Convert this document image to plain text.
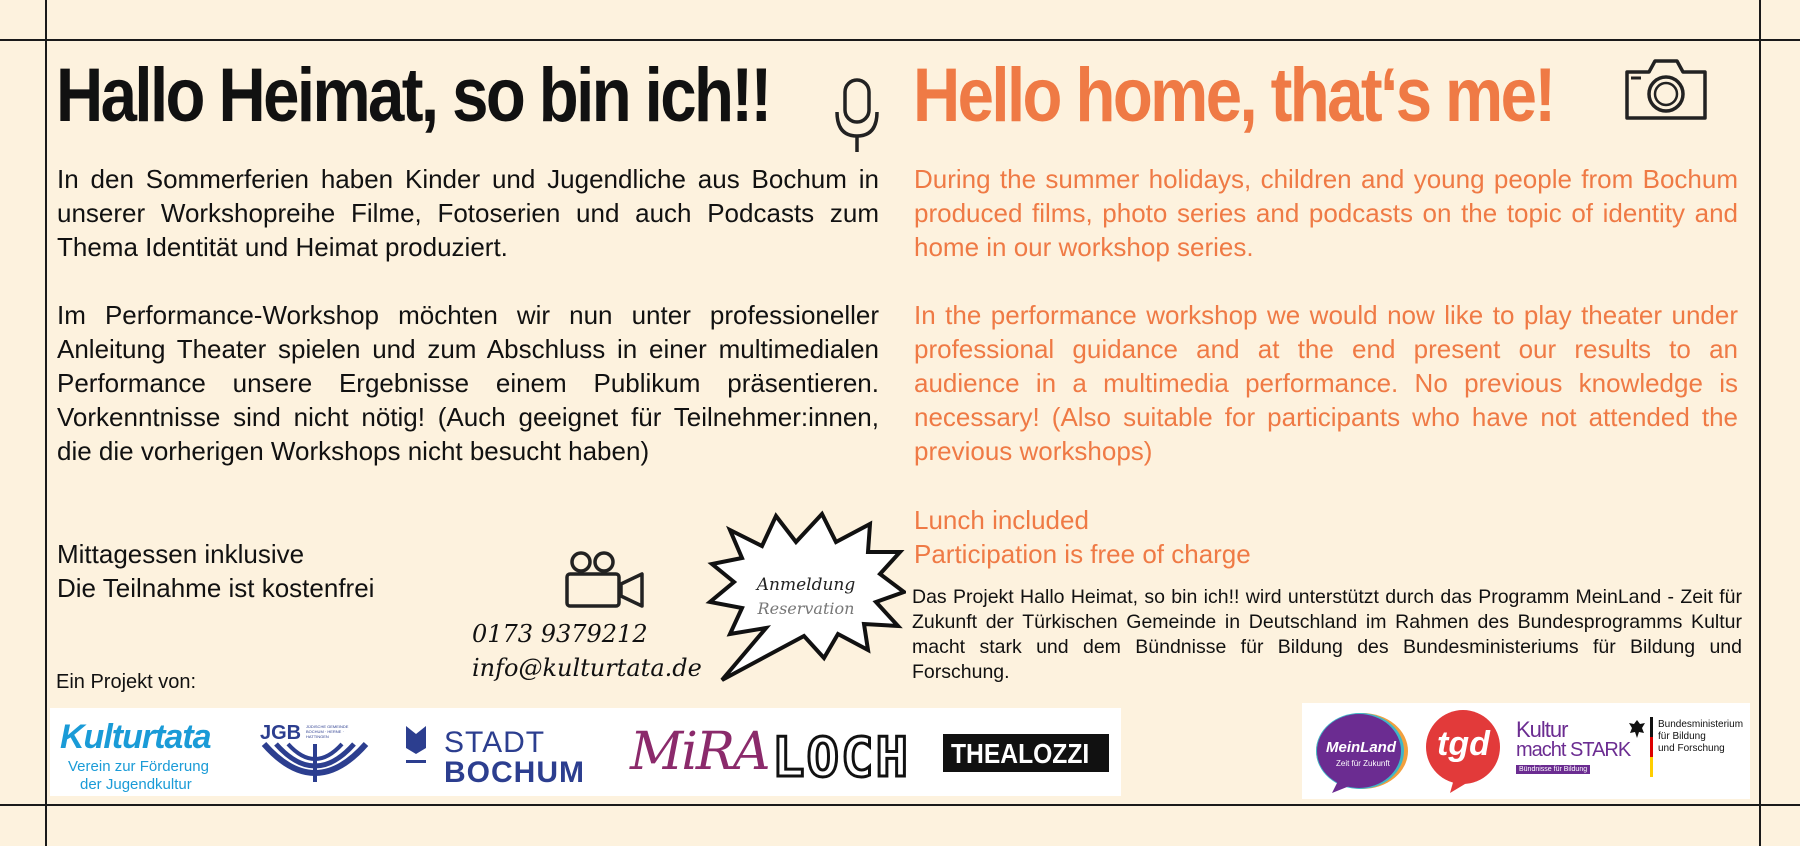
Hallo Heimat, so bin ich!! Hello home, that‘s me!

In den Sommerferien haben Kinder und Jugendliche aus Bochum in unserer Workshopreihe Filme, Fotoserien und auch Podcasts zum Thema Identität und Heimat produziert.

Im Performance-Workshop möchten wir nun unter professioneller Anleitung Theater spielen und zum Abschluss in einer multimedialen Performance unsere Ergebnisse einem Publikum präsentieren. Vorkenntnisse sind nicht nötig! (Auch geeignet für Teilnehmer:innen, die die vorherigen Workshops nicht besucht haben)

During the summer holidays, children and young people from Bochum produced films, photo series and podcasts on the topic of identity and home in our workshop series.

In the performance workshop we would now like to play theater under professional guidance and at the end present our results to an audience in a multimedia performance. No previous knowledge is necessary! (Also suitable for participants who have not attended the previous workshops)

Mittagessen inklusive

Die Teilnahme ist kostenfrei

Lunch included

Participation is free of charge

0173 9379212
info@kulturtata.de
Anmeldung
Reservation

Das Projekt Hallo Heimat, so bin ich!! wird unterstützt durch das Programm MeinLand - Zeit für Zukunft der Türkischen Gemeinde in Deutschland im Rahmen des Bundesprogramms Kultur macht stark und dem Bündnisse für Bildung des Bundesministeriums für Bildung und Forschung.

Ein Projekt von:
Kulturtata
Verein zur Förderung
der Jugendkultur
JGB JÜDISCHE GEMEINDE BOCHUM · HERNE · HATTINGEN	STADT
BOCHUM MiRA LOCH THEALOZZI	MeinLand
Zeit für Zukunft
tgd Kultur
macht STARK
Bündnisse für Bildung
Bundesministerium
für Bildung
und Forschung
